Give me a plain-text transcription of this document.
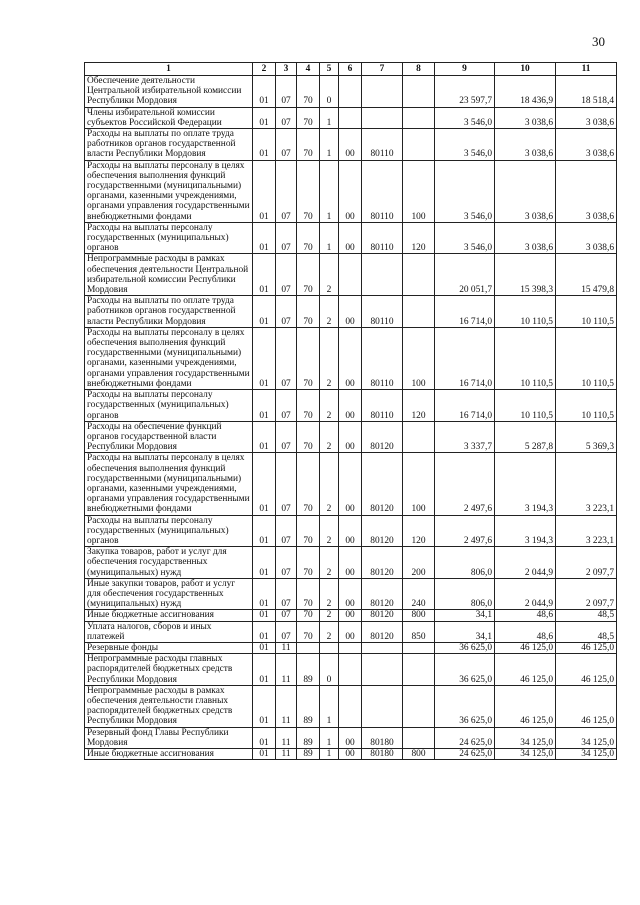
30
1	2	3	4	5	6	7	8	9	10	11
Обеспечение деятельности Центральной избирательной комиссии Республики Мордовия	01	07	70	0				23 597,7	18 436,9	18 518,4
Члены избирательной комиссии субъектов Российской Федерации	01	07	70	1				3 546,0	3 038,6	3 038,6
Расходы на выплаты по оплате труда работников органов государственной власти Республики Мордовия	01	07	70	1	00	80110		3 546,0	3 038,6	3 038,6
Расходы на выплаты персоналу в целях обеспечения выполнения функций государственными (муниципальными) органами, казенными учреждениями, органами управления государственными внебюджетными фондами	01	07	70	1	00	80110	100	3 546,0	3 038,6	3 038,6
Расходы на выплаты персоналу государственных (муниципальных) органов	01	07	70	1	00	80110	120	3 546,0	3 038,6	3 038,6
Непрограммные расходы в рамках обеспечения деятельности Центральной избирательной комиссии Республики Мордовия	01	07	70	2				20 051,7	15 398,3	15 479,8
Расходы на выплаты по оплате труда работников органов государственной власти Республики Мордовия	01	07	70	2	00	80110		16 714,0	10 110,5	10 110,5
Расходы на выплаты персоналу в целях обеспечения выполнения функций государственными (муниципальными) органами, казенными учреждениями, органами управления государственными внебюджетными фондами	01	07	70	2	00	80110	100	16 714,0	10 110,5	10 110,5
Расходы на выплаты персоналу государственных (муниципальных) органов	01	07	70	2	00	80110	120	16 714,0	10 110,5	10 110,5
Расходы на обеспечение функций органов государственной власти Республики Мордовия	01	07	70	2	00	80120		3 337,7	5 287,8	5 369,3
Расходы на выплаты персоналу в целях обеспечения выполнения функций государственными (муниципальными) органами, казенными учреждениями, органами управления государственными внебюджетными фондами	01	07	70	2	00	80120	100	2 497,6	3 194,3	3 223,1
Расходы на выплаты персоналу государственных (муниципальных) органов	01	07	70	2	00	80120	120	2 497,6	3 194,3	3 223,1
Закупка товаров, работ и услуг для обеспечения государственных (муниципальных) нужд	01	07	70	2	00	80120	200	806,0	2 044,9	2 097,7
Иные закупки товаров, работ и услуг для обеспечения государственных (муниципальных) нужд	01	07	70	2	00	80120	240	806,0	2 044,9	2 097,7
Иные бюджетные ассигнования	01	07	70	2	00	80120	800	34,1	48,6	48,5
Уплата налогов, сборов и иных платежей	01	07	70	2	00	80120	850	34,1	48,6	48,5
Резервные фонды	01	11						36 625,0	46 125,0	46 125,0
Непрограммные расходы главных распорядителей бюджетных средств Республики Мордовия	01	11	89	0				36 625,0	46 125,0	46 125,0
Непрограммные расходы в рамках обеспечения деятельности главных распорядителей бюджетных средств Республики Мордовия	01	11	89	1				36 625,0	46 125,0	46 125,0
Резервный фонд Главы Республики Мордовия	01	11	89	1	00	80180		24 625,0	34 125,0	34 125,0
Иные бюджетные ассигнования	01	11	89	1	00	80180	800	24 625,0	34 125,0	34 125,0
